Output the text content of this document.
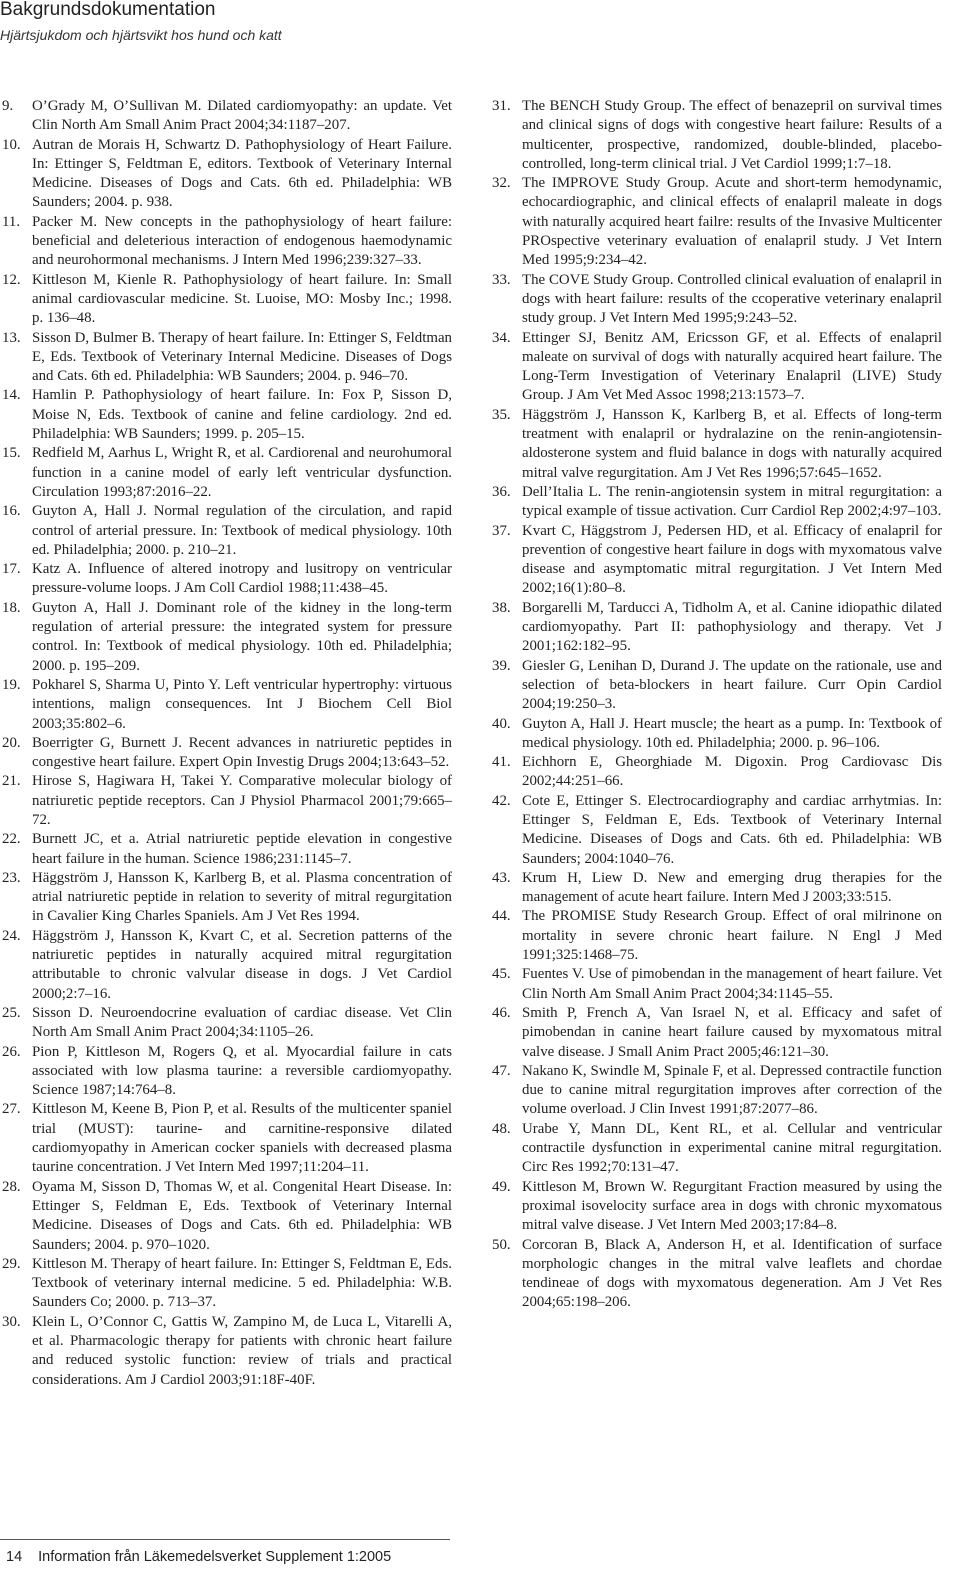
Bakgrundsdokumentation
Hjärtsjukdom och hjärtsvikt hos hund och katt

9. O’Grady M, O’Sullivan M. Dilated cardiomyopathy: an update. Vet Clin North Am Small Anim Pract 2004;34:1187–207.

10. Autran de Morais H, Schwartz D. Pathophysiology of Heart Failure. In: Ettinger S, Feldtman E, editors. Textbook of Veterinary Internal Medicine. Diseases of Dogs and Cats. 6th ed. Philadelphia: WB Saunders; 2004. p. 938.

11. Packer M. New concepts in the pathophysiology of heart failure: beneficial and deleterious interaction of endogenous haemodynamic and neurohormonal mechanisms. J Intern Med 1996;239:327–33.

12. Kittleson M, Kienle R. Pathophysiology of heart failure. In: Small animal cardiovascular medicine. St. Luoise, MO: Mosby Inc.; 1998. p. 136–48.

13. Sisson D, Bulmer B. Therapy of heart failure. In: Ettinger S, Feldtman E, Eds. Textbook of Veterinary Internal Medicine. Diseases of Dogs and Cats. 6th ed. Philadelphia: WB Saunders; 2004. p. 946–70.

14. Hamlin P. Pathophysiology of heart failure. In: Fox P, Sisson D, Moise N, Eds. Textbook of canine and feline cardiology. 2nd ed. Philadelphia: WB Saunders; 1999. p. 205–15.

15. Redfield M, Aarhus L, Wright R, et al. Cardiorenal and neurohumoral function in a canine model of early left ventricular dysfunction. Circulation 1993;87:2016–22.

16. Guyton A, Hall J. Normal regulation of the circulation, and rapid control of arterial pressure. In: Textbook of medical physiology. 10th ed. Philadelphia; 2000. p. 210–21.

17. Katz A. Influence of altered inotropy and lusitropy on ventricular pressure-volume loops. J Am Coll Cardiol 1988;11:438–45.

18. Guyton A, Hall J. Dominant role of the kidney in the long-term regulation of arterial pressure: the integrated system for pressure control. In: Textbook of medical physiology. 10th ed. Philadelphia; 2000. p. 195–209.

19. Pokharel S, Sharma U, Pinto Y. Left ventricular hypertrophy: virtuous intentions, malign consequences. Int J Biochem Cell Biol 2003;35:802–6.

20. Boerrigter G, Burnett J. Recent advances in natriuretic peptides in congestive heart failure. Expert Opin Investig Drugs 2004;13:643–52.

21. Hirose S, Hagiwara H, Takei Y. Comparative molecular biology of natriuretic peptide receptors. Can J Physiol Pharmacol 2001;79:665–72.

22. Burnett JC, et a. Atrial natriuretic peptide elevation in congestive heart failure in the human. Science 1986;231:1145–7.

23. Häggström J, Hansson K, Karlberg B, et al. Plasma concentration of atrial natriuretic peptide in relation to severity of mitral regurgitation in Cavalier King Charles Spaniels. Am J Vet Res 1994.

24. Häggström J, Hansson K, Kvart C, et al. Secretion patterns of the natriuretic peptides in naturally acquired mitral regurgitation attributable to chronic valvular disease in dogs. J Vet Cardiol 2000;2:7–16.

25. Sisson D. Neuroendocrine evaluation of cardiac disease. Vet Clin North Am Small Anim Pract 2004;34:1105–26.

26. Pion P, Kittleson M, Rogers Q, et al. Myocardial failure in cats associated with low plasma taurine: a reversible cardiomyopathy. Science 1987;14:764–8.

27. Kittleson M, Keene B, Pion P, et al. Results of the multicenter spaniel trial (MUST): taurine- and carnitine-responsive dilated cardiomyopathy in American cocker spaniels with decreased plasma taurine concentration. J Vet Intern Med 1997;11:204–11.

28. Oyama M, Sisson D, Thomas W, et al. Congenital Heart Disease. In: Ettinger S, Feldman E, Eds. Textbook of Veterinary Internal Medicine. Diseases of Dogs and Cats. 6th ed. Philadelphia: WB Saunders; 2004. p. 970–1020.

29. Kittleson M. Therapy of heart failure. In: Ettinger S, Feldtman E, Eds. Textbook of veterinary internal medicine. 5 ed. Philadelphia: W.B. Saunders Co; 2000. p. 713–37.

30. Klein L, O’Connor C, Gattis W, Zampino M, de Luca L, Vitarelli A, et al. Pharmacologic therapy for patients with chronic heart failure and reduced systolic function: review of trials and practical considerations. Am J Cardiol 2003;91:18F-40F.

31. The BENCH Study Group. The effect of benazepril on survival times and clinical signs of dogs with congestive heart failure: Results of a multicenter, prospective, randomized, double-blinded, placebo-controlled, long-term clinical trial. J Vet Cardiol 1999;1:7–18.

32. The IMPROVE Study Group. Acute and short-term hemodynamic, echocardiographic, and clinical effects of enalapril maleate in dogs with naturally acquired heart failre: results of the Invasive Multicenter PROspective veterinary evaluation of enalapril study. J Vet Intern Med 1995;9:234–42.

33. The COVE Study Group. Controlled clinical evaluation of enalapril in dogs with heart failure: results of the ccoperative veterinary enalapril study group. J Vet Intern Med 1995;9:243–52.

34. Ettinger SJ, Benitz AM, Ericsson GF, et al. Effects of enalapril maleate on survival of dogs with naturally acquired heart failure. The Long-Term Investigation of Veterinary Enalapril (LIVE) Study Group. J Am Vet Med Assoc 1998;213:1573–7.

35. Häggström J, Hansson K, Karlberg B, et al. Effects of long-term treatment with enalapril or hydralazine on the renin-angiotensin-aldosterone system and fluid balance in dogs with naturally acquired mitral valve regurgitation. Am J Vet Res 1996;57:645–1652.

36. Dell’Italia L. The renin-angiotensin system in mitral regurgitation: a typical example of tissue activation. Curr Cardiol Rep 2002;4:97–103.

37. Kvart C, Häggstrom J, Pedersen HD, et al. Efficacy of enalapril for prevention of congestive heart failure in dogs with myxomatous valve disease and asymptomatic mitral regurgitation. J Vet Intern Med 2002;16(1):80–8.

38. Borgarelli M, Tarducci A, Tidholm A, et al. Canine idiopathic dilated cardiomyopathy. Part II: pathophysiology and therapy. Vet J 2001;162:182–95.

39. Giesler G, Lenihan D, Durand J. The update on the rationale, use and selection of beta-blockers in heart failure. Curr Opin Cardiol 2004;19:250–3.

40. Guyton A, Hall J. Heart muscle; the heart as a pump. In: Textbook of medical physiology. 10th ed. Philadelphia; 2000. p. 96–106.

41. Eichhorn E, Gheorghiade M. Digoxin. Prog Cardiovasc Dis 2002;44:251–66.

42. Cote E, Ettinger S. Electrocardiography and cardiac arrhytmias. In: Ettinger S, Feldman E, Eds. Textbook of Veterinary Internal Medicine. Diseases of Dogs and Cats. 6th ed. Philadelphia: WB Saunders; 2004:1040–76.

43. Krum H, Liew D. New and emerging drug therapies for the management of acute heart failure. Intern Med J 2003;33:515.

44. The PROMISE Study Research Group. Effect of oral milrinone on mortality in severe chronic heart failure. N Engl J Med 1991;325:1468–75.

45. Fuentes V. Use of pimobendan in the management of heart failure. Vet Clin North Am Small Anim Pract 2004;34:1145–55.

46. Smith P, French A, Van Israel N, et al. Efficacy and safet of pimobendan in canine heart failure caused by myxomatous mitral valve disease. J Small Anim Pract 2005;46:121–30.

47. Nakano K, Swindle M, Spinale F, et al. Depressed contractile function due to canine mitral regurgitation improves after correction of the volume overload. J Clin Invest 1991;87:2077–86.

48. Urabe Y, Mann DL, Kent RL, et al. Cellular and ventricular contractile dysfunction in experimental canine mitral regurgitation. Circ Res 1992;70:131–47.

49. Kittleson M, Brown W. Regurgitant Fraction measured by using the proximal isovelocity surface area in dogs with chronic myxomatous mitral valve disease. J Vet Intern Med 2003;17:84–8.

50. Corcoran B, Black A, Anderson H, et al. Identification of surface morphologic changes in the mitral valve leaflets and chordae tendineae of dogs with myxomatous degeneration. Am J Vet Res 2004;65:198–206.

14 Information från Läkemedelsverket Supplement 1:2005
